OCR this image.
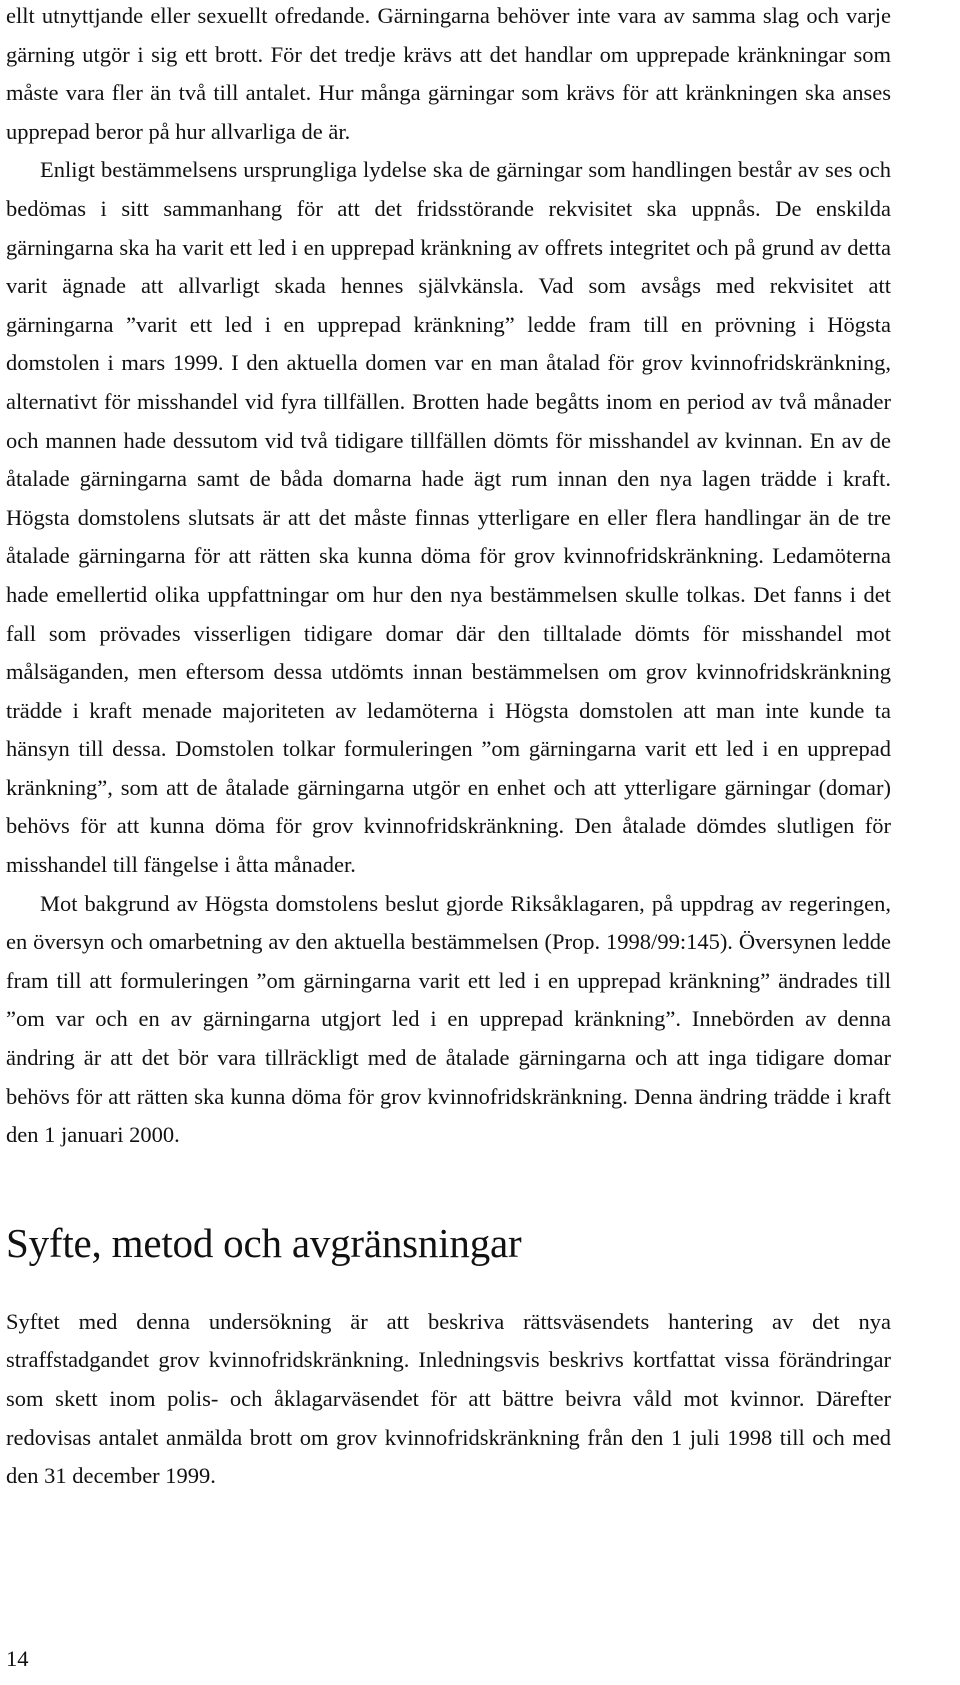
ellt utnyttjande eller sexuellt ofredande. Gärningarna behöver inte vara av samma slag och varje gärning utgör i sig ett brott. För det tredje krävs att det handlar om upprepade kränkningar som måste vara fler än två till antalet. Hur många gärningar som krävs för att kränkningen ska anses upprepad beror på hur allvarliga de är.

Enligt bestämmelsens ursprungliga lydelse ska de gärningar som handlingen består av ses och bedömas i sitt sammanhang för att det fridsstörande rekvisitet ska uppnås. De enskilda gärningarna ska ha varit ett led i en upprepad kränkning av offrets integritet och på grund av detta varit ägnade att allvarligt skada hennes självkänsla. Vad som avsågs med rekvisitet att gärningarna ”varit ett led i en upprepad kränkning” ledde fram till en prövning i Högsta domstolen i mars 1999. I den aktuella domen var en man åtalad för grov kvinnofridskränkning, alternativt för misshandel vid fyra tillfällen. Brotten hade begåtts inom en period av två månader och mannen hade dessutom vid två tidigare tillfällen dömts för misshandel av kvinnan. En av de åtalade gärningarna samt de båda domarna hade ägt rum innan den nya lagen trädde i kraft. Högsta domstolens slutsats är att det måste finnas ytterligare en eller flera handlingar än de tre åtalade gärningarna för att rätten ska kunna döma för grov kvinnofridskränkning. Ledamöterna hade emellertid olika uppfattningar om hur den nya bestämmelsen skulle tolkas. Det fanns i det fall som prövades visserligen tidigare domar där den tilltalade dömts för misshandel mot målsäganden, men eftersom dessa utdömts innan bestämmelsen om grov kvinnofridskränkning trädde i kraft menade majoriteten av ledamöterna i Högsta domstolen att man inte kunde ta hänsyn till dessa. Domstolen tolkar formuleringen ”om gärningarna varit ett led i en upprepad kränkning”, som att de åtalade gärningarna utgör en enhet och att ytterligare gärningar (domar) behövs för att kunna döma för grov kvinnofridskränkning. Den åtalade dömdes slutligen för misshandel till fängelse i åtta månader.

Mot bakgrund av Högsta domstolens beslut gjorde Riksåklagaren, på uppdrag av regeringen, en översyn och omarbetning av den aktuella bestämmelsen (Prop. 1998/99:145). Översynen ledde fram till att formuleringen ”om gärningarna varit ett led i en upprepad kränkning” ändrades till ”om var och en av gärningarna utgjort led i en upprepad kränkning”. Innebörden av denna ändring är att det bör vara tillräckligt med de åtalade gärningarna och att inga tidigare domar behövs för att rätten ska kunna döma för grov kvinnofridskränkning. Denna ändring trädde i kraft den 1 januari 2000.

Syfte, metod och avgränsningar

Syftet med denna undersökning är att beskriva rättsväsendets hantering av det nya straffstadgandet grov kvinnofridskränkning. Inledningsvis beskrivs kortfattat vissa förändringar som skett inom polis- och åklagarväsendet för att bättre beivra våld mot kvinnor. Därefter redovisas antalet anmälda brott om grov kvinnofridskränkning från den 1 juli 1998 till och med den 31 december 1999.

14
